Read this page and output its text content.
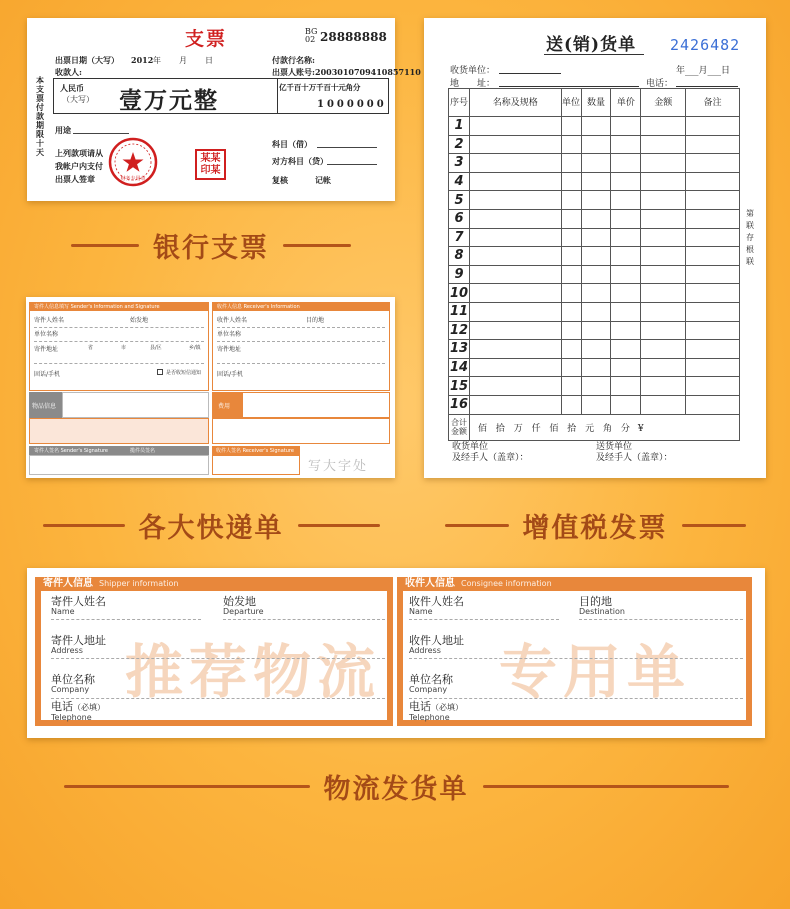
支票	BG
02 28888888
出票日期（大写） 2012 年 月 日	付款行名称:
收款人:	出票人账号: 2003010709410857110
本支票付款期限十天
人民币
（大写） 壹万元整	亿千百十万千百十元角分
1000000
用途
上列款项请从
我帐户内支付
出票人签章	财务专用章
某某
印某
科目（借）
对方科目（贷）
复核	记帐
银行支票
送(销)货单 2426482
收货单位：	年___月___日
地　　址：	电话：
序号	名称及规格	单位	数量	单价	金额	备注
1						
2						
3						
4						
5						
6						
7						
8						
9						
10						
11						
12						
13						
14						
15						
16						
合计金额	佰 拾 万 仟 佰 拾 元 角 分 ¥					
第
联
存
根
联
收货单位
及经手人（盖章）：
送货单位
及经手人（盖章）：
寄件人信息填写 Sender's Information and Signature	收件人信息 Receiver's Information
寄件人姓名	始发地
单位名称
寄件地址	省	市	县/区	乡/镇
固话/手机	是否收短信通知
收件人姓名	目的地
单位名称
寄件地址
固话/手机
物品信息	费用
寄件人签名 Sender's Signature	揽件员签名	收件人签名 Receiver's Signature
写大字处
各大快递单	增值税发票
寄件人信息 Shipper information
推荐物流
寄件人姓名
Name
始发地
Departure
寄件人地址
Address
单位名称
Company
电话（必填）
Telephone
收件人信息 Consignee information
专用单
收件人姓名
Name
目的地
Destination
收件人地址
Address
单位名称
Company
电话（必填）
Telephone
物流发货单
